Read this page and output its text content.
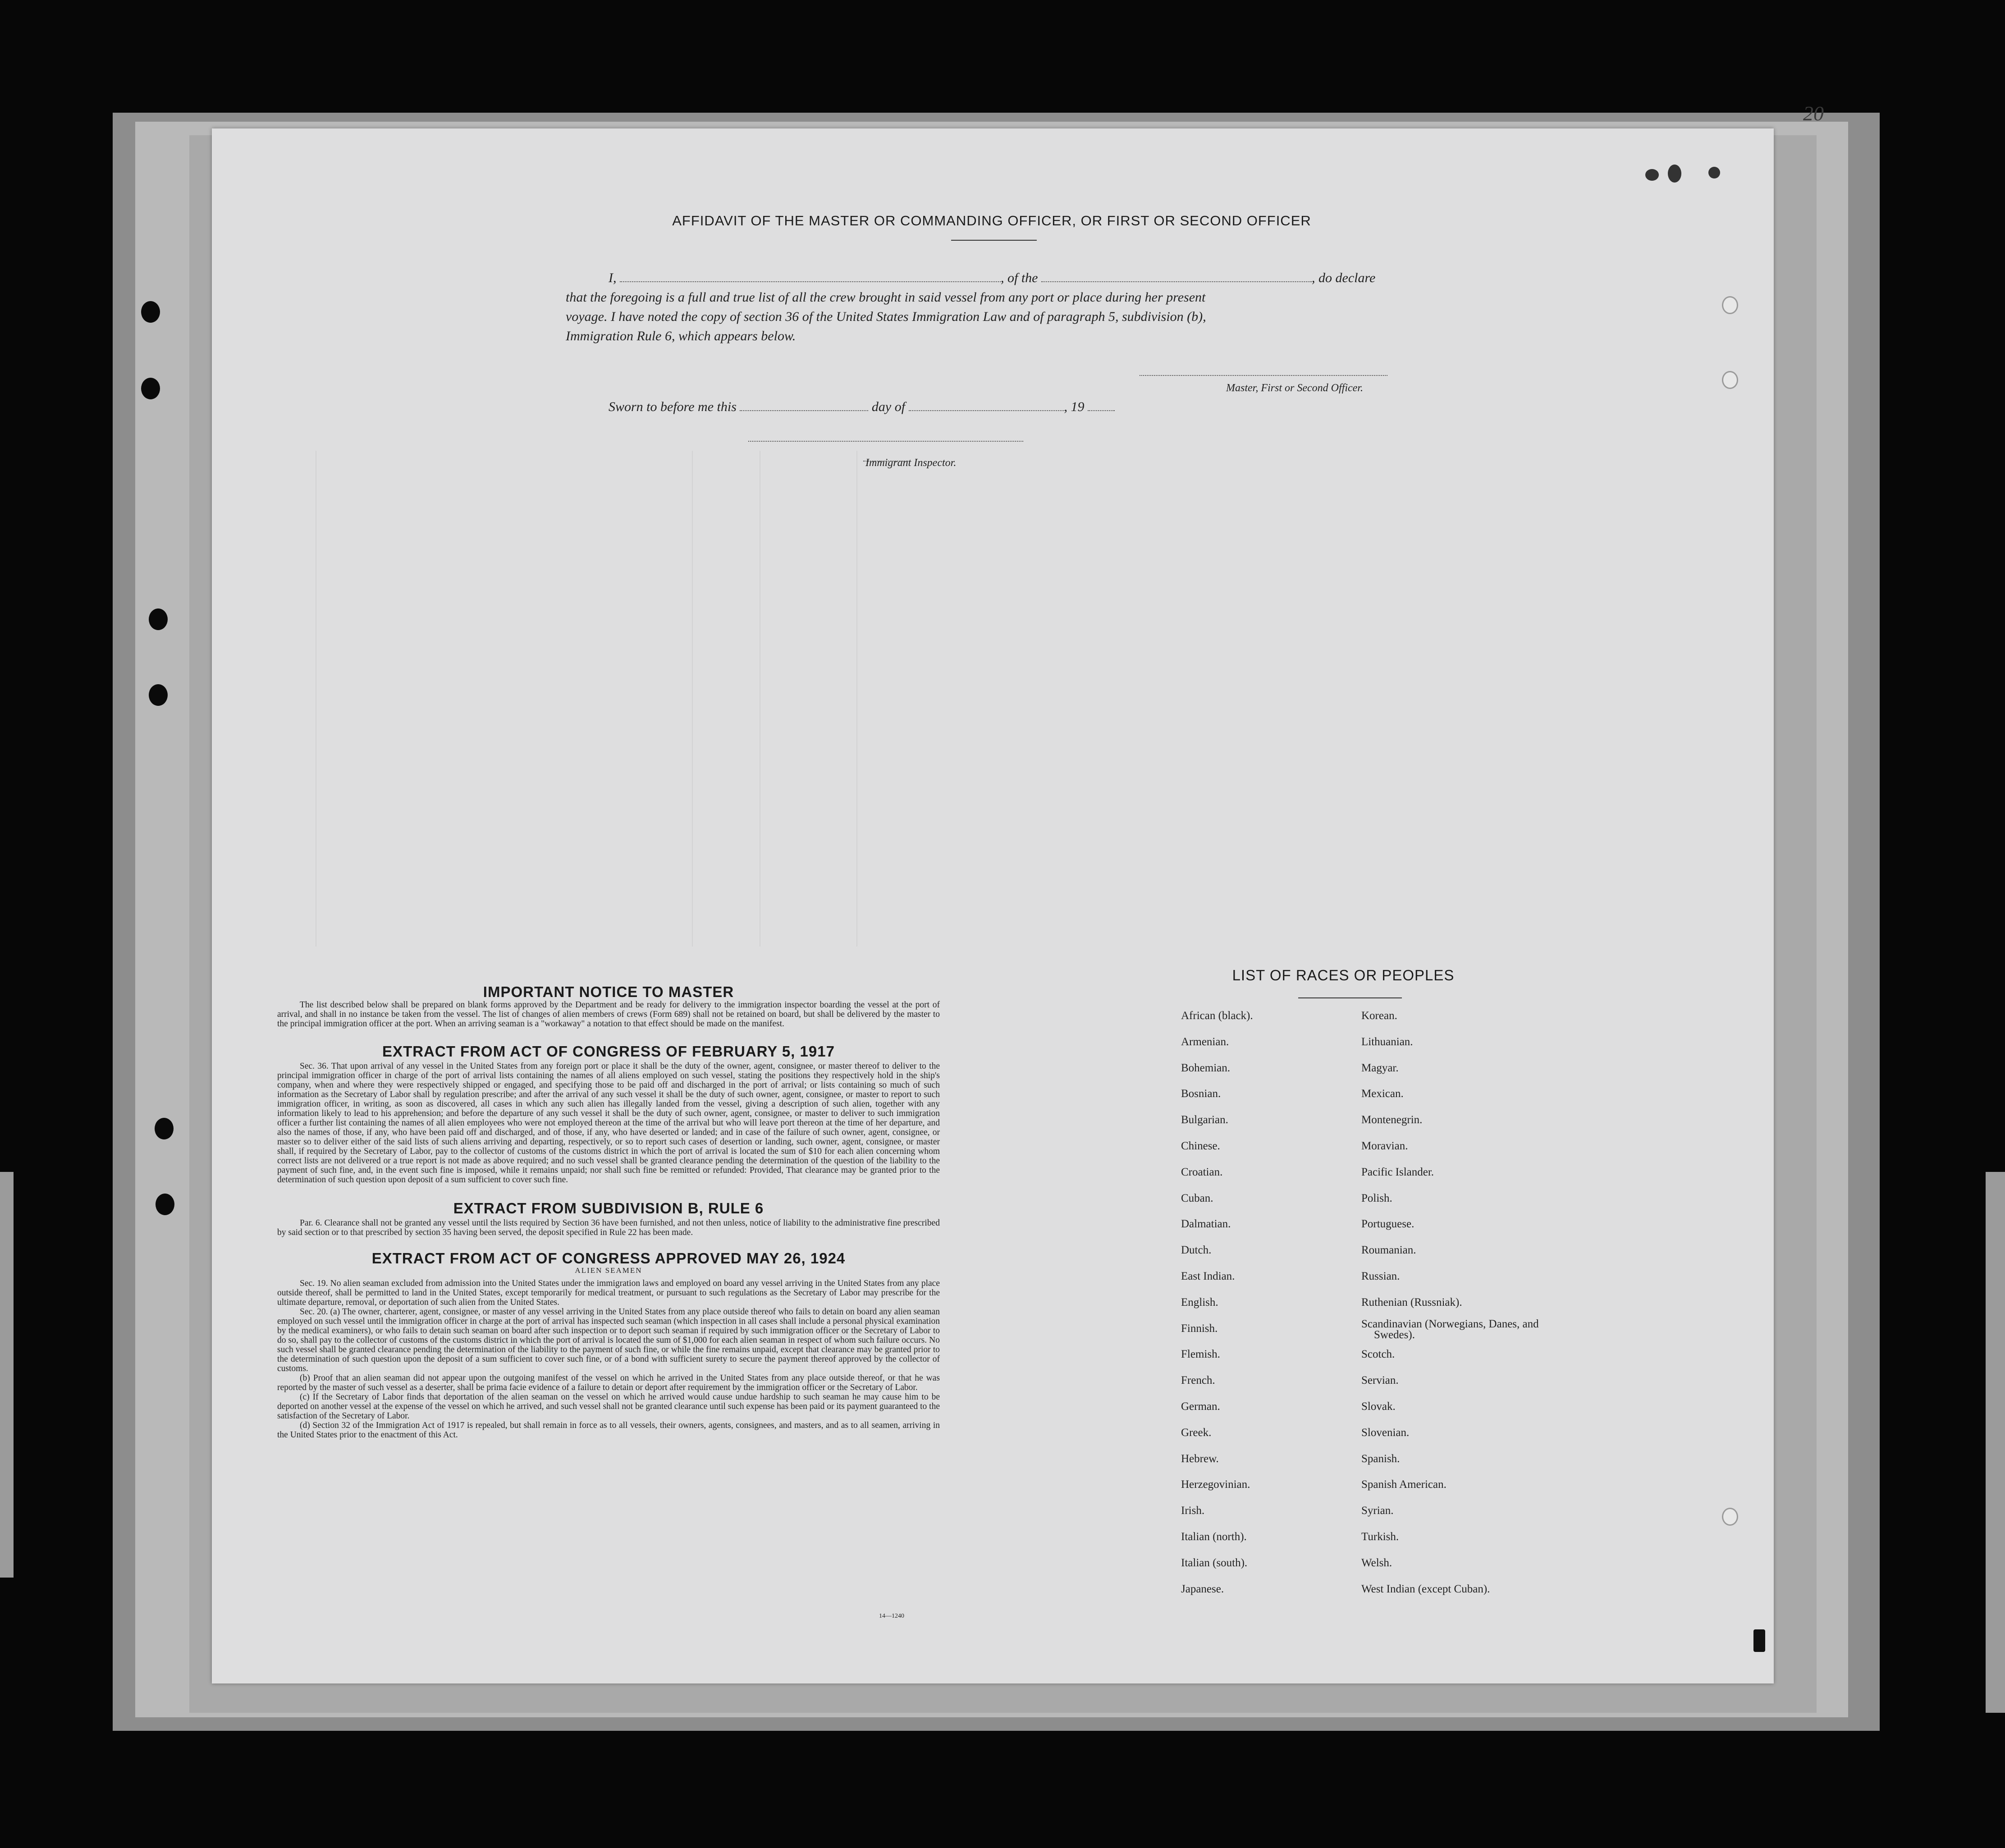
20
AFFIDAVIT OF THE MASTER OR COMMANDING OFFICER, OR FIRST OR SECOND OFFICER
I,	, of the	, do declare
that the foregoing is a full and true list of all the crew brought in said vessel from any port or place during her present
voyage. I have noted the copy of section 36 of the United States Immigration Law and of paragraph 5, subdivision (b),
Immigration Rule 6, which appears below.
Master, First or Second Officer.
Sworn to before me this	day of	, 19
Immigrant Inspector.
IMPORTANT NOTICE TO MASTER

The list described below shall be prepared on blank forms approved by the Department and be ready for delivery to the immigration inspector boarding the vessel at the port of arrival, and shall in no instance be taken from the vessel. The list of changes of alien members of crews (Form 689) shall not be retained on board, but shall be delivered by the master to the principal immigration officer at the port. When an arriving seaman is a "workaway" a notation to that effect should be made on the manifest.

EXTRACT FROM ACT OF CONGRESS OF FEBRUARY 5, 1917

Sec. 36. That upon arrival of any vessel in the United States from any foreign port or place it shall be the duty of the owner, agent, consignee, or master thereof to deliver to the principal immigration officer in charge of the port of arrival lists containing the names of all aliens employed on such vessel, stating the positions they respectively hold in the ship's company, when and where they were respectively shipped or engaged, and specifying those to be paid off and discharged in the port of arrival; or lists containing so much of such information as the Secretary of Labor shall by regulation prescribe; and after the arrival of any such vessel it shall be the duty of such owner, agent, consignee, or master to report to such immigration officer, in writing, as soon as discovered, all cases in which any such alien has illegally landed from the vessel, giving a description of such alien, together with any information likely to lead to his apprehension; and before the departure of any such vessel it shall be the duty of such owner, agent, consignee, or master to deliver to such immigration officer a further list containing the names of all alien employees who were not employed thereon at the time of the arrival but who will leave port thereon at the time of her departure, and also the names of those, if any, who have been paid off and discharged, and of those, if any, who have deserted or landed; and in case of the failure of such owner, agent, consignee, or master so to deliver either of the said lists of such aliens arriving and departing, respectively, or so to report such cases of desertion or landing, such owner, agent, consignee, or master shall, if required by the Secretary of Labor, pay to the collector of customs of the customs district in which the port of arrival is located the sum of $10 for each alien concerning whom correct lists are not delivered or a true report is not made as above required; and no such vessel shall be granted clearance pending the determination of the question of the liability to the payment of such fine, and, in the event such fine is imposed, while it remains unpaid; nor shall such fine be remitted or refunded: Provided, That clearance may be granted prior to the determination of such question upon deposit of a sum sufficient to cover such fine.

EXTRACT FROM SUBDIVISION B, RULE 6

Par. 6. Clearance shall not be granted any vessel until the lists required by Section 36 have been furnished, and not then unless, notice of liability to the administrative fine prescribed by said section or to that prescribed by section 35 having been served, the deposit specified in Rule 22 has been made.

EXTRACT FROM ACT OF CONGRESS APPROVED MAY 26, 1924
ALIEN SEAMEN

Sec. 19. No alien seaman excluded from admission into the United States under the immigration laws and employed on board any vessel arriving in the United States from any place outside thereof, shall be permitted to land in the United States, except temporarily for medical treatment, or pursuant to such regulations as the Secretary of Labor may prescribe for the ultimate departure, removal, or deportation of such alien from the United States.

Sec. 20. (a) The owner, charterer, agent, consignee, or master of any vessel arriving in the United States from any place outside thereof who fails to detain on board any alien seaman employed on such vessel until the immigration officer in charge at the port of arrival has inspected such seaman (which inspection in all cases shall include a personal physical examination by the medical examiners), or who fails to detain such seaman on board after such inspection or to deport such seaman if required by such immigration officer or the Secretary of Labor to do so, shall pay to the collector of customs of the customs district in which the port of arrival is located the sum of $1,000 for each alien seaman in respect of whom such failure occurs. No such vessel shall be granted clearance pending the determination of the liability to the payment of such fine, or while the fine remains unpaid, except that clearance may be granted prior to the determination of such question upon the deposit of a sum sufficient to cover such fine, or of a bond with sufficient surety to secure the payment thereof approved by the collector of customs.

(b) Proof that an alien seaman did not appear upon the outgoing manifest of the vessel on which he arrived in the United States from any place outside thereof, or that he was reported by the master of such vessel as a deserter, shall be prima facie evidence of a failure to detain or deport after requirement by the immigration officer or the Secretary of Labor.

(c) If the Secretary of Labor finds that deportation of the alien seaman on the vessel on which he arrived would cause undue hardship to such seaman he may cause him to be deported on another vessel at the expense of the vessel on which he arrived, and such vessel shall not be granted clearance until such expense has been paid or its payment guaranteed to the satisfaction of the Secretary of Labor.

(d) Section 32 of the Immigration Act of 1917 is repealed, but shall remain in force as to all vessels, their owners, agents, consignees, and masters, and as to all seamen, arriving in the United States prior to the enactment of this Act.

14—1240
LIST OF RACES OR PEOPLES
African (black).
Armenian.
Bohemian.
Bosnian.
Bulgarian.
Chinese.
Croatian.
Cuban.
Dalmatian.
Dutch.
East Indian.
English.
Finnish.
Flemish.
French.
German.
Greek.
Hebrew.
Herzegovinian.
Irish.
Italian (north).
Italian (south).
Japanese.
Korean.
Lithuanian.
Magyar.
Mexican.
Montenegrin.
Moravian.
Pacific Islander.
Polish.
Portuguese.
Roumanian.
Russian.
Ruthenian (Russniak).
Scandinavian (Norwegians, Danes, and Swedes).
Scotch.
Servian.
Slovak.
Slovenian.
Spanish.
Spanish American.
Syrian.
Turkish.
Welsh.
West Indian (except Cuban).
